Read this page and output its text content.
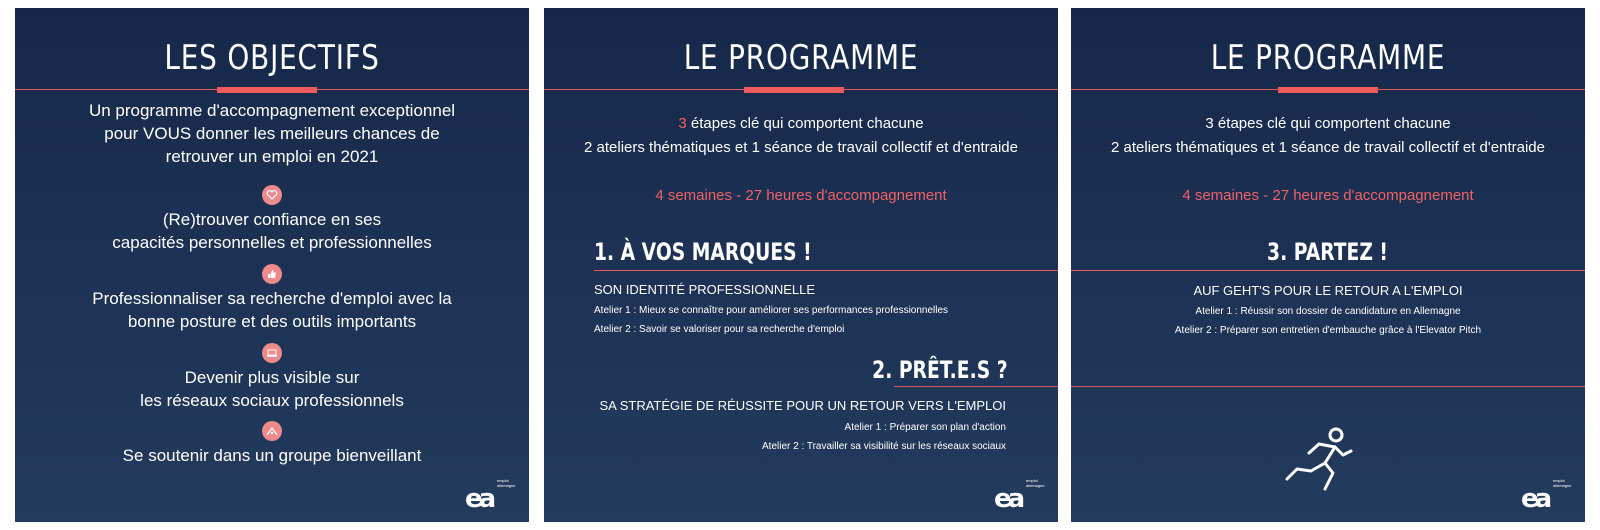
LES OBJECTIFS
Un programme d'accompagnement exceptionnel
pour VOUS donner les meilleurs chances de
retrouver un emploi en 2021
(Re)trouver confiance en ses
capacités personnelles et professionnelles
Professionnaliser sa recherche d'emploi avec la
bonne posture et des outils importants
Devenir plus visible sur
les réseaux sociaux professionnels
Se soutenir dans un groupe bienveillant
ea
emploi
allemagne
LE PROGRAMME
3 étapes clé qui comportent chacune
2 ateliers thématiques et 1 séance de travail collectif et d'entraide
4 semaines - 27 heures d'accompagnement
1. À VOS MARQUES !
SON IDENTITÉ PROFESSIONNELLE
Atelier 1 : Mieux se connaître pour améliorer ses performances professionnelles
Atelier 2 : Savoir se valoriser pour sa recherche d'emploi
2. PRÊT.E.S ?
SA STRATÉGIE DE RÉUSSITE POUR UN RETOUR VERS L'EMPLOI
Atelier 1 : Préparer son plan d'action
Atelier 2 : Travailler sa visibilité sur les réseaux sociaux
ea
emploi
allemagne
LE PROGRAMME
3 étapes clé qui comportent chacune
2 ateliers thématiques et 1 séance de travail collectif et d'entraide
4 semaines - 27 heures d'accompagnement
3. PARTEZ !
AUF GEHT'S POUR LE RETOUR A L'EMPLOI
Atelier 1 : Réussir son dossier de candidature en Allemagne
Atelier 2 : Préparer son entretien d'embauche grâce à l'Elevator Pitch
ea
emploi
allemagne
